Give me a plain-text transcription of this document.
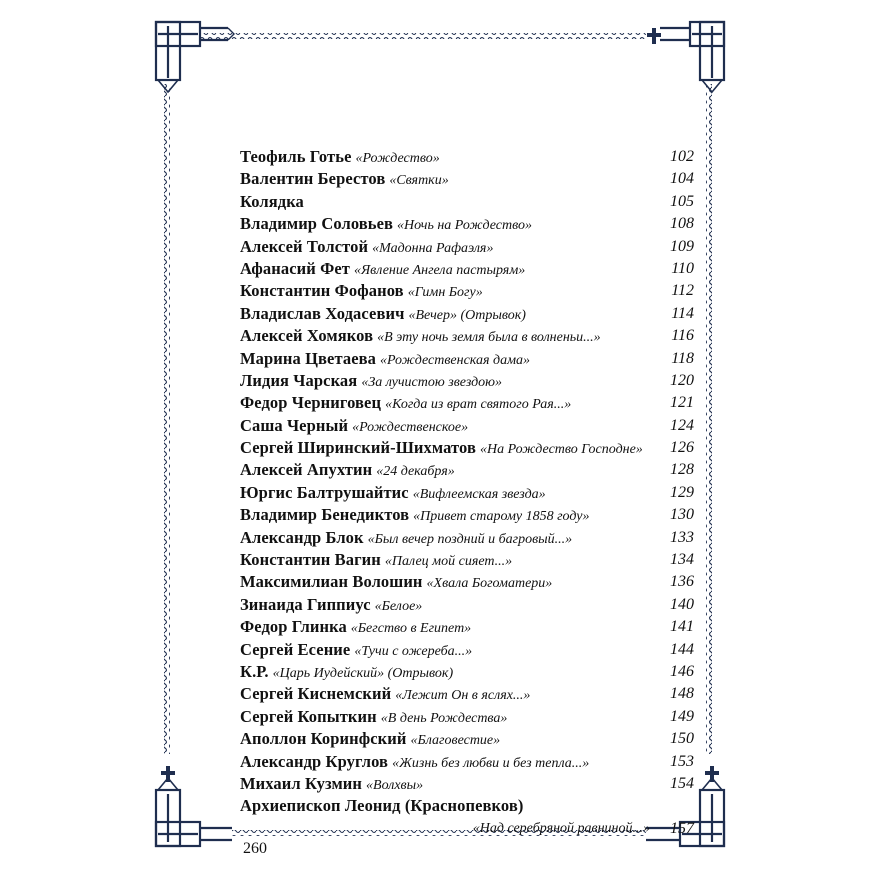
Теофиль Готье «Рождество»	102
Валентин Берестов «Святки»	104
Колядка	105
Владимир Соловьев «Ночь на Рождество»	108
Алексей Толстой «Мадонна Рафаэля»	109
Афанасий Фет «Явление Ангела пастырям»	110
Константин Фофанов «Гимн Богу»	112
Владислав Ходасевич «Вечер» (Отрывок)	114
Алексей Хомяков «В эту ночь земля была в волненьи...»	116
Марина Цветаева «Рождественская дама»	118
Лидия Чарская «За лучистою звездою»	120
Федор Черниговец «Когда из врат святого Рая...»	121
Саша Черный «Рождественское»	124
Сергей Ширинский-Шихматов «На Рождество Господне» 126
Алексей Апухтин «24 декабря»	128
Юргис Балтрушайтис «Вифлеемская звезда»	129
Владимир Бенедиктов «Привет старому 1858 году»	130
Александр Блок «Был вечер поздний и багровый...»	133
Константин Вагин «Палец мой сияет...»	134
Максимилиан Волошин «Хвала Богоматери»	136
Зинаида Гиппиус «Белое»	140
Федор Глинка «Бегство в Египет»	141
Сергей Есение «Тучи с ожереба...»	144
К.Р. «Царь Иудейский» (Отрывок)	146
Сергей Киснемский «Лежит Он в яслях...»	148
Сергей Копыткин «В день Рождества»	149
Аполлон Коринфский «Благовестие»	150
Александр Круглов «Жизнь без любви и без тепла...»	153
Михаил Кузмин «Волхвы»	154
Архиепископ Леонид (Краснопевков)
«Над серебряной равниной...» 157
260
